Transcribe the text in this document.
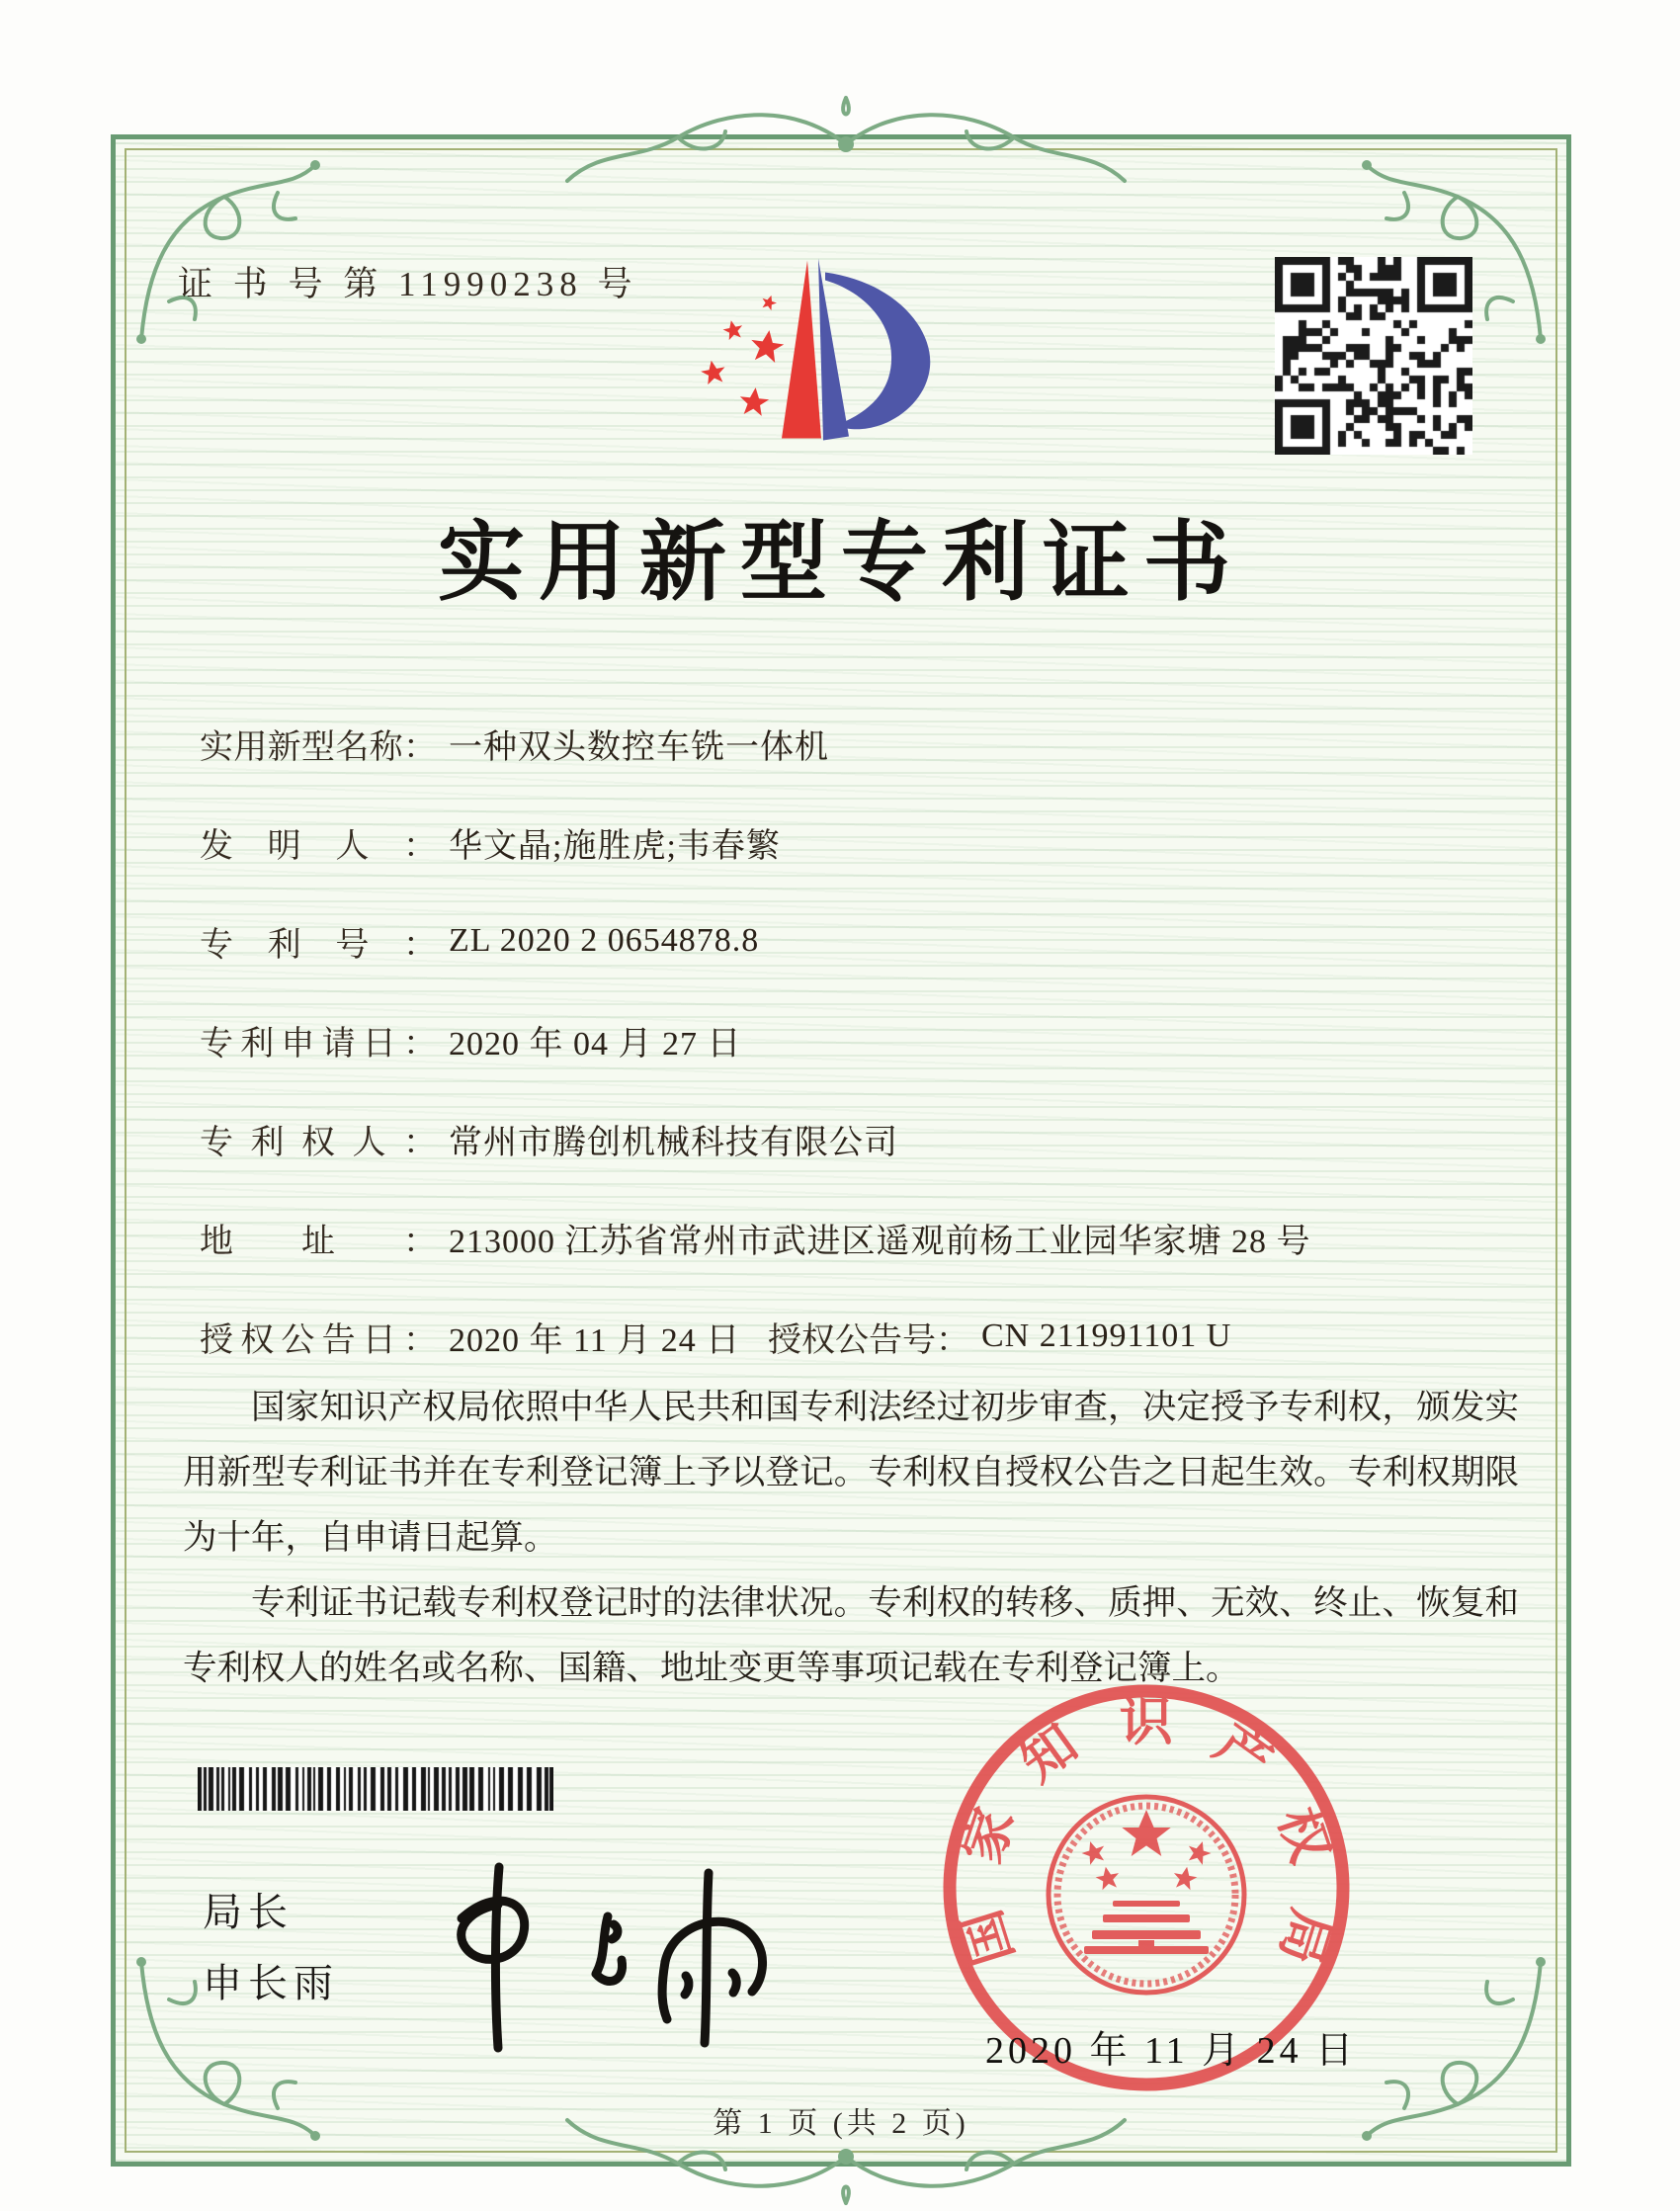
证 书 号 第 11990238 号
实用新型专利证书
实用新型名称： 一种双头数控车铣一体机
发明人： 华文晶;施胜虎;韦春繁
专利号： ZL 2020 2 0654878.8
专利申请日： 2020 年 04 月 27 日
专利权人： 常州市腾创机械科技有限公司
地址： 213000 江苏省常州市武进区遥观前杨工业园华家塘 28 号
授权公告日： 2020 年 11 月 24 日 授权公告号： CN 211991101 U

国家知识产权局依照中华人民共和国专利法经过初步审查，决定授予专利权，颁发实用新型专利证书并在专利登记簿上予以登记。专利权自授权公告之日起生效。专利权期限为十年，自申请日起算。

专利证书记载专利权登记时的法律状况。专利权的转移、质押、无效、终止、恢复和专利权人的姓名或名称、国籍、地址变更等事项记载在专利登记簿上。

局长
申长雨
国家知识产权局
2020 年 11 月 24 日
第 1 页 (共 2 页)
